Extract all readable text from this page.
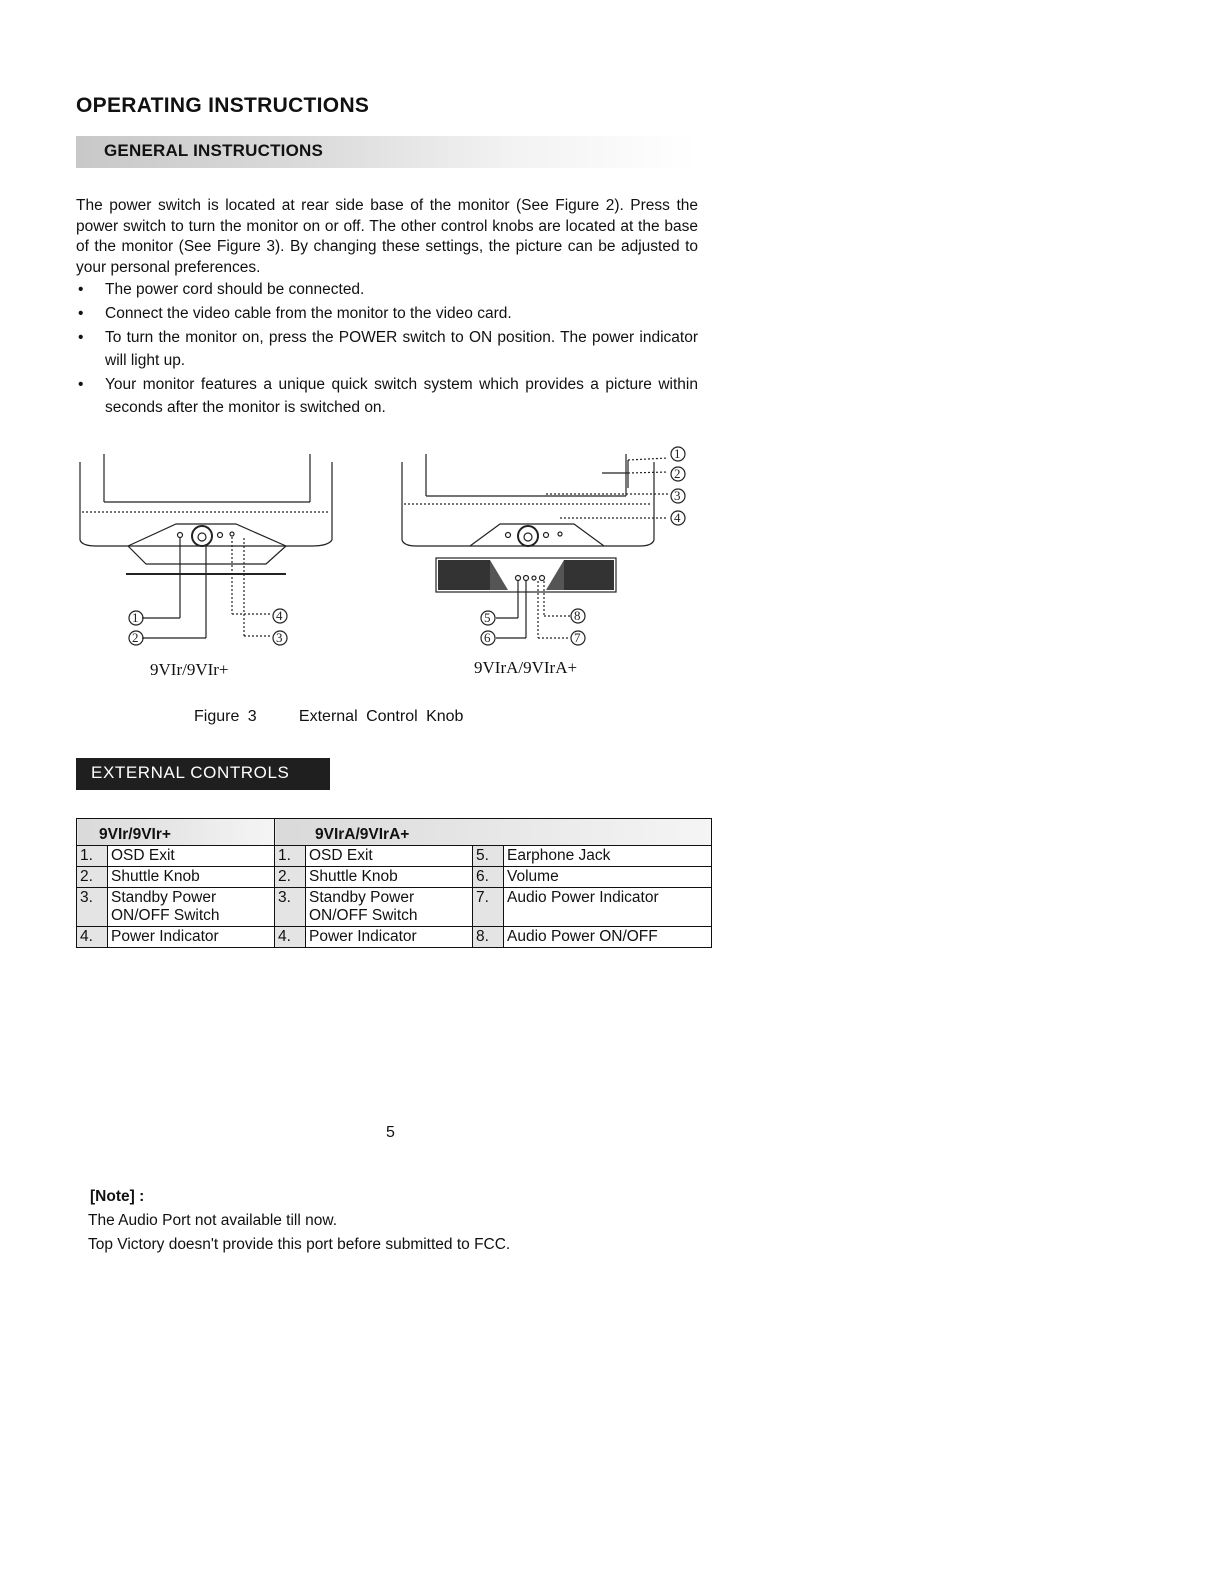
OPERATING INSTRUCTIONS
GENERAL INSTRUCTIONS
The power switch is located at rear side base of the monitor (See Figure 2). Press the power switch to turn the monitor on or off. The other control knobs are located at the base of the monitor (See Figure 3). By changing these settings, the picture can be adjusted to your personal preferences.
• The power cord should be connected.
• Connect the video cable from the monitor to the video card.
• To turn the monitor on, press the POWER switch to ON position. The power indicator will light up.
• Your monitor features a unique quick switch system which provides a picture within seconds after the monitor is switched on.
1
2
4
3
5
6
8
7
1
2
3
4
9VIr/9VIr+	9VIrA/9VIrA+
Figure 3     External Control Knob
EXTERNAL CONTROLS
9VIr/9VIr+		9VIrA/9VIrA+			
1.	OSD Exit	1.	OSD Exit	5.	Earphone Jack
2.	Shuttle Knob	2.	Shuttle Knob	6.	Volume
3.	Standby Power ON/OFF Switch	3.	Standby Power ON/OFF Switch	7.	Audio Power Indicator
4.	Power Indicator	4.	Power Indicator	8.	Audio Power ON/OFF
5
[Note] :
The Audio Port not available till now.
Top Victory doesn't provide this port before submitted to FCC.
